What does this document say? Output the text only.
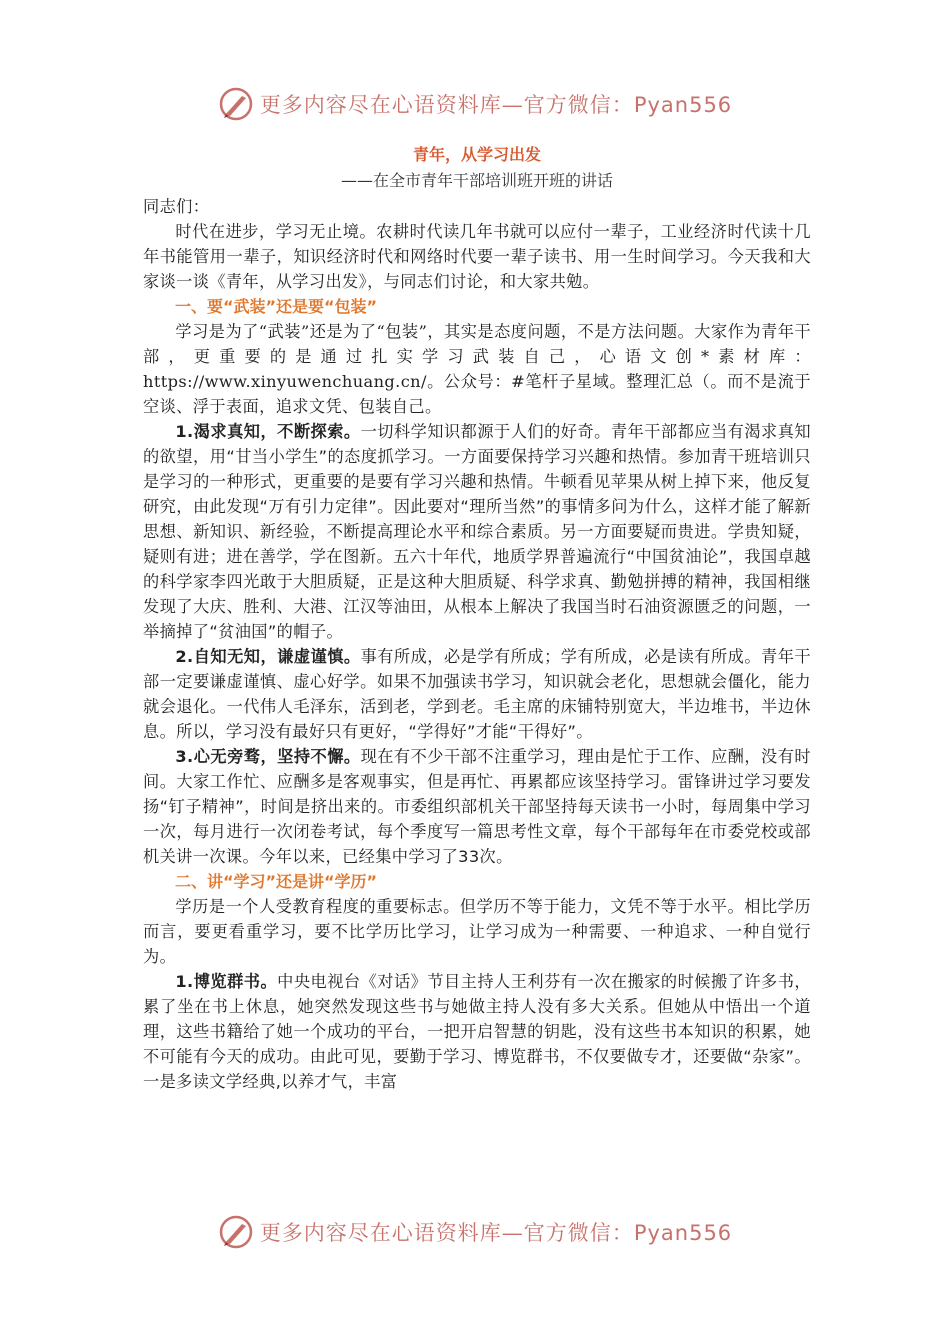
更多内容尽在心语资料库—官方微信：Pyan556
青年，从学习出发
——在全市青年干部培训班开班的讲话

同志们：

时代在进步，学习无止境。农耕时代读几年书就可以应付一辈子，工业经济时代读十几年书能管用一辈子，知识经济时代和网络时代要一辈子读书、用一生时间学习。今天我和大家谈一谈《青年，从学习出发》，与同志们讨论，和大家共勉。

一、要“武装”还是要“包装”

学习是为了“武装”还是为了“包装”，其实是态度问题，不是方法问题。大家作为青年干部，更重要的是通过扎实学习武装自己，心语文创*素材库：https://www.xinyuwenchuang.cn/。公众号：#笔杆子星域。整理汇总（。而不是流于空谈、浮于表面，追求文凭、包装自己。

1.渴求真知，不断探索。一切科学知识都源于人们的好奇。青年干部都应当有渴求真知的欲望，用“甘当小学生”的态度抓学习。一方面要保持学习兴趣和热情。参加青干班培训只是学习的一种形式，更重要的是要有学习兴趣和热情。牛顿看见苹果从树上掉下来，他反复研究，由此发现“万有引力定律”。因此要对“理所当然”的事情多问为什么，这样才能了解新思想、新知识、新经验，不断提高理论水平和综合素质。另一方面要疑而贵进。学贵知疑，疑则有进；进在善学，学在图新。五六十年代，地质学界普遍流行“中国贫油论”，我国卓越的科学家李四光敢于大胆质疑，正是这种大胆质疑、科学求真、勤勉拼搏的精神，我国相继发现了大庆、胜利、大港、江汉等油田，从根本上解决了我国当时石油资源匮乏的问题，一举摘掉了“贫油国”的帽子。

2.自知无知，谦虚谨慎。事有所成，必是学有所成；学有所成，必是读有所成。青年干部一定要谦虚谨慎、虚心好学。如果不加强读书学习，知识就会老化，思想就会僵化，能力就会退化。一代伟人毛泽东，活到老，学到老。毛主席的床铺特别宽大，半边堆书，半边休息。所以，学习没有最好只有更好，“学得好”才能“干得好”。

3.心无旁骛，坚持不懈。现在有不少干部不注重学习，理由是忙于工作、应酬，没有时间。大家工作忙、应酬多是客观事实，但是再忙、再累都应该坚持学习。雷锋讲过学习要发扬“钉子精神”，时间是挤出来的。市委组织部机关干部坚持每天读书一小时，每周集中学习一次，每月进行一次闭卷考试，每个季度写一篇思考性文章，每个干部每年在市委党校或部机关讲一次课。今年以来，已经集中学习了33次。

二、讲“学习”还是讲“学历”

学历是一个人受教育程度的重要标志。但学历不等于能力，文凭不等于水平。相比学历而言，要更看重学习，要不比学历比学习，让学习成为一种需要、一种追求、一种自觉行为。

1.博览群书。中央电视台《对话》节目主持人王利芬有一次在搬家的时候搬了许多书，累了坐在书上休息，她突然发现这些书与她做主持人没有多大关系。但她从中悟出一个道理，这些书籍给了她一个成功的平台，一把开启智慧的钥匙，没有这些书本知识的积累，她不可能有今天的成功。由此可见，要勤于学习、博览群书，不仅要做专才，还要做“杂家”。一是多读文学经典,以养才气，丰富

更多内容尽在心语资料库—官方微信：Pyan556
